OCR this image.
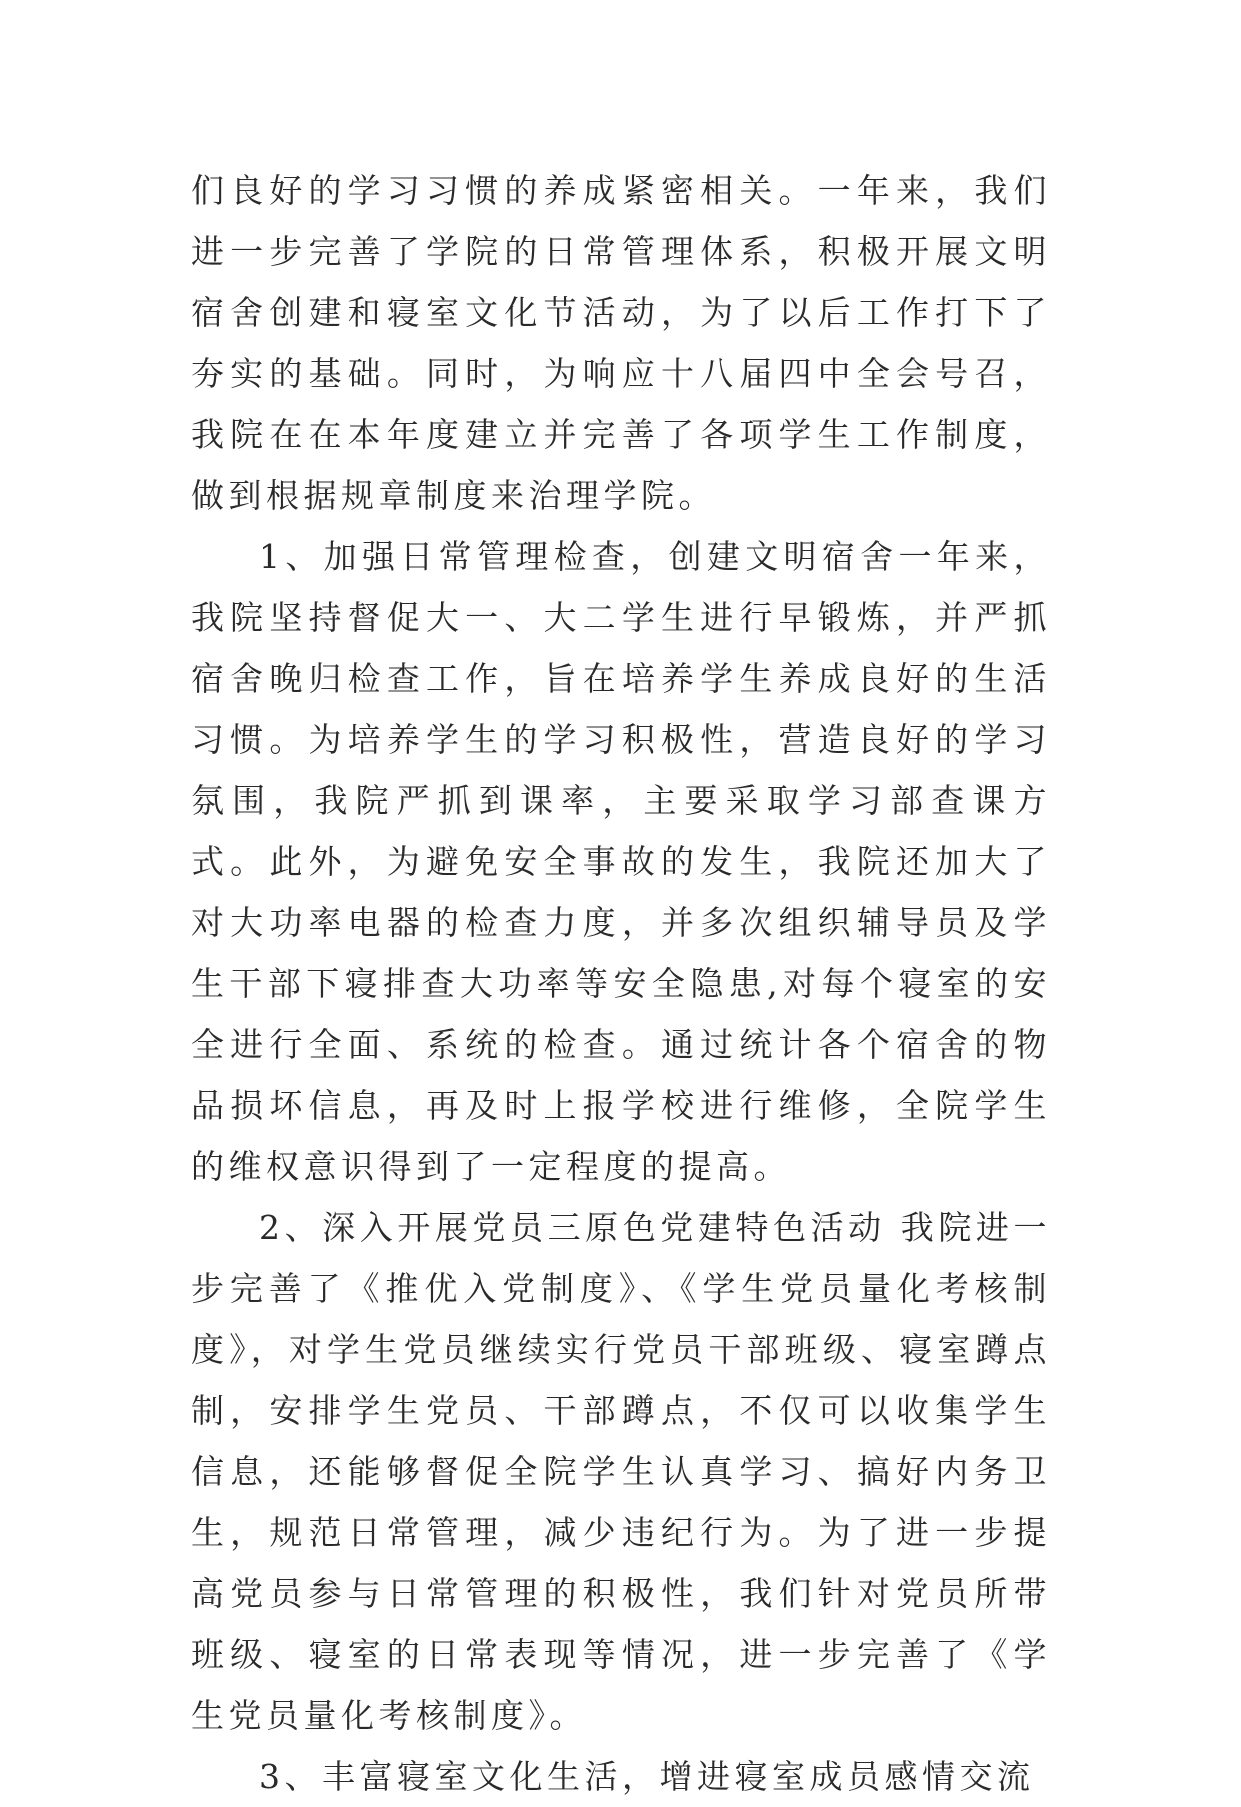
们良好的学习习惯的养成紧密相关。一年来，我们进一步完善了学院的日常管理体系，积极开展文明宿舍创建和寝室文化节活动，为了以后工作打下了夯实的基础。同时，为响应十八届四中全会号召，我院在在本年度建立并完善了各项学生工作制度，做到根据规章制度来治理学院。

1、加强日常管理检查，创建文明宿舍一年来，我院坚持督促大一、大二学生进行早锻炼，并严抓宿舍晚归检查工作，旨在培养学生养成良好的生活习惯。为培养学生的学习积极性，营造良好的学习氛围，我院严抓到课率，主要采取学习部查课方式。此外，为避免安全事故的发生，我院还加大了对大功率电器的检查力度，并多次组织辅导员及学生干部下寝排查大功率等安全隐患,对每个寝室的安全进行全面、系统的检查。通过统计各个宿舍的物品损坏信息，再及时上报学校进行维修，全院学生的维权意识得到了一定程度的提高。

2、深入开展党员三原色党建特色活动 我院进一步完善了《推优入党制度》、《学生党员量化考核制度》，对学生党员继续实行党员干部班级、寝室蹲点制，安排学生党员、干部蹲点，不仅可以收集学生信息，还能够督促全院学生认真学习、搞好内务卫生，规范日常管理，减少违纪行为。为了进一步提高党员参与日常管理的积极性，我们针对党员所带班级、寝室的日常表现等情况，进一步完善了《学生党员量化考核制度》。

3、丰富寝室文化生活，增进寝室成员感情交流
